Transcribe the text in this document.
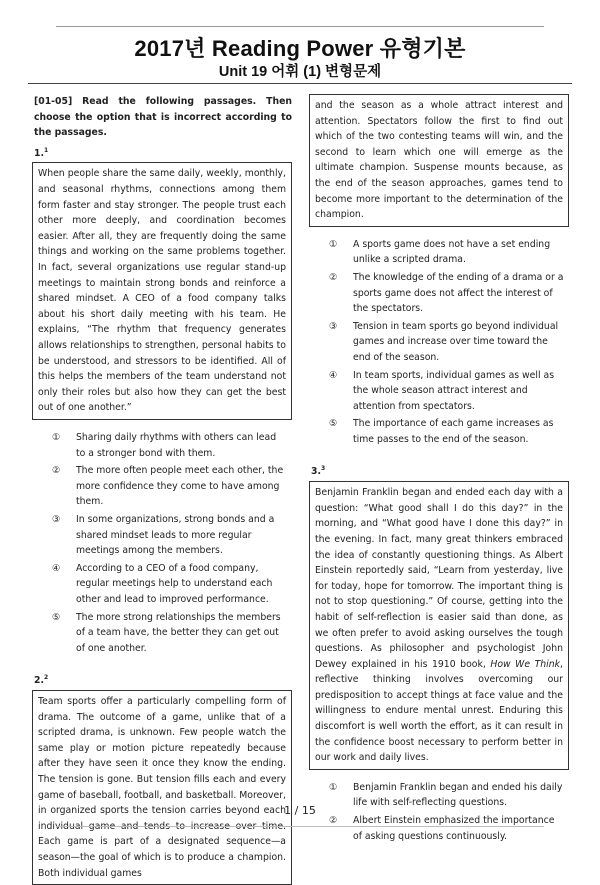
2017년 Reading Power 유형기본
Unit 19 어휘 (1) 변형문제
[01-05] Read the following passages. Then choose the option that is incorrect according to the passages.
1.$^1$

When people share the same daily, weekly, monthly, and seasonal rhythms, connections among them form faster and stay stronger. The people trust each other more deeply, and coordination becomes easier. After all, they are frequently doing the same things and working on the same problems together. In fact, several organizations use regular stand-up meetings to maintain strong bonds and reinforce a shared mindset. A CEO of a food company talks about his short daily meeting with his team. He explains, “The rhythm that frequency generates allows relationships to strengthen, personal habits to be understood, and stressors to be identified. All of this helps the members of the team understand not only their roles but also how they can get the best out of one another.”

①	Sharing daily rhythms with others can lead to a stronger bond with them.
②	The more often people meet each other, the more confidence they come to have among them.
③	In some organizations, strong bonds and a shared mindset leads to more regular meetings among the members.
④	According to a CEO of a food company, regular meetings help to understand each other and lead to improved performance.
⑤	The more strong relationships the members of a team have, the better they can get out of one another.
2.$^2$

Team sports offer a particularly compelling form of drama. The outcome of a game, unlike that of a scripted drama, is unknown. Few people watch the same play or motion picture repeatedly because after they have seen it once they know the ending. The tension is gone. But tension fills each and every game of baseball, football, and basketball. Moreover, in organized sports the tension carries beyond each individual game and tends to increase over time. Each game is part of a designated sequence—a season—the goal of which is to produce a champion. Both individual games

and the season as a whole attract interest and attention. Spectators follow the first to find out which of the two contesting teams will win, and the second to learn which one will emerge as the ultimate champion. Suspense mounts because, as the end of the season approaches, games tend to become more important to the determination of the champion.

①	A sports game does not have a set ending unlike a scripted drama.
②	The knowledge of the ending of a drama or a sports game does not affect the interest of the spectators.
③	Tension in team sports go beyond individual games and increase over time toward the end of the season.
④	In team sports, individual games as well as the whole season attract interest and attention from spectators.
⑤	The importance of each game increases as time passes to the end of the season.
3.$^3$

Benjamin Franklin began and ended each day with a question: “What good shall I do this day?” in the morning, and “What good have I done this day?” in the evening. In fact, many great thinkers embraced the idea of constantly questioning things. As Albert Einstein reportedly said, “Learn from yesterday, live for today, hope for tomorrow. The important thing is not to stop questioning.” Of course, getting into the habit of self-reflection is easier said than done, as we often prefer to avoid asking ourselves the tough questions. As philosopher and psychologist John Dewey explained in his 1910 book, How We Think, reflective thinking involves overcoming our predisposition to accept things at face value and the willingness to endure mental unrest. Enduring this discomfort is well worth the effort, as it can result in the confidence boost necessary to perform better in our work and daily lives.

①	Benjamin Franklin began and ended his daily life with self-reflecting questions.
②	Albert Einstein emphasized the importance of asking questions continuously.
1 / 15
